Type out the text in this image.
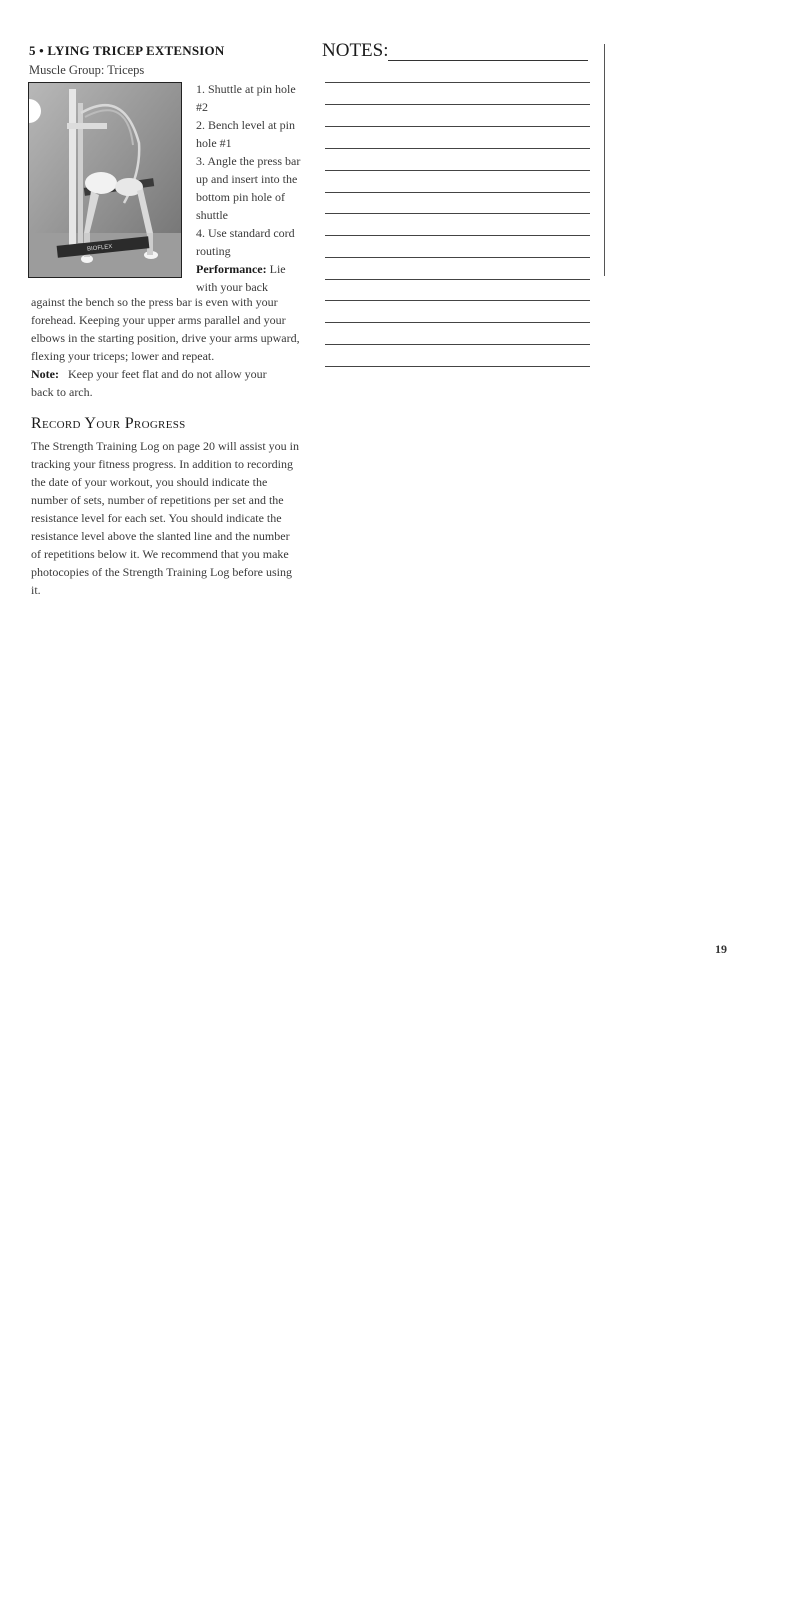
5 • LYING TRICEP EXTENSION
Muscle Group: Triceps
BIOFLEX
1. Shuttle at pin hole #2
2. Bench level at pin hole #1
3. Angle the press bar up and insert into the bottom pin hole of shuttle
4. Use standard cord routing
Performance: Lie with your back

against the bench so the press bar is even with your forehead. Keeping your upper arms parallel and your elbows in the starting position, drive your arms upward, flexing your triceps; lower and repeat.

Note: Keep your feet flat and do not allow your back to arch.
Record Your Progress

The Strength Training Log on page 20 will assist you in tracking your fitness progress. In addition to recording the date of your workout, you should indicate the number of sets, number of repetitions per set and the resistance level for each set. You should indicate the resistance level above the slanted line and the number of repetitions below it. We recommend that you make photocopies of the Strength Training Log before using it.

NOTES:
19
